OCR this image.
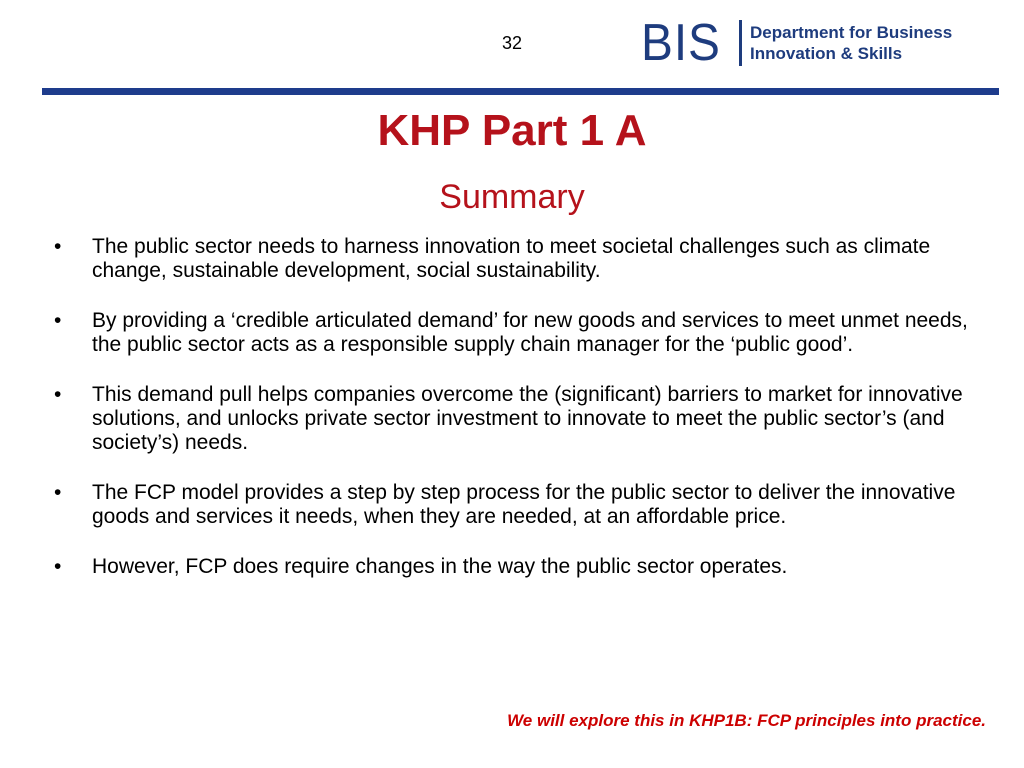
32 BIS Department for Business
Innovation & Skills
KHP Part 1 A
Summary
•	The public sector needs to harness innovation to meet societal challenges such as climate change, sustainable development, social sustainability.
•	By providing a ‘credible articulated demand’ for new goods and services to meet unmet needs, the public sector acts as a responsible supply chain manager for the ‘public good’.
•	This demand pull helps companies overcome the (significant) barriers to market for innovative solutions, and unlocks private sector investment to innovate to meet the public sector’s (and society’s) needs.
•	The FCP model provides a step by step process for the public sector to deliver the innovative goods and services it needs, when they are needed, at an affordable price.
•	However, FCP does require changes in the way the public sector operates.
We will explore this in KHP1B: FCP principles into practice.
